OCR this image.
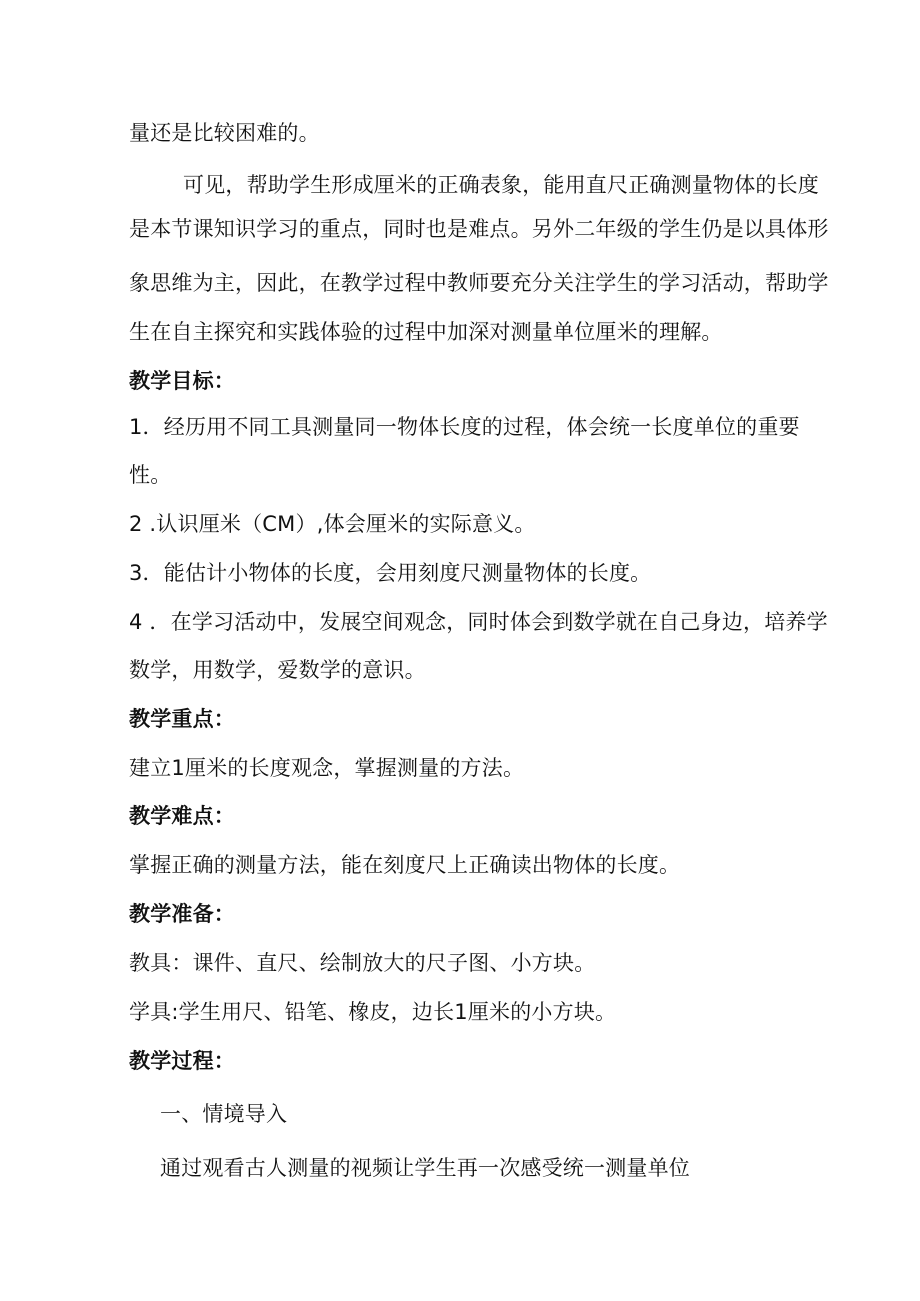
量还是比较困难的。
可见，帮助学生形成厘米的正确表象，能用直尺正确测量物体的长度
是本节课知识学习的重点，同时也是难点。另外二年级的学生仍是以具体形
象思维为主，因此，在教学过程中教师要充分关注学生的学习活动，帮助学
生在自主探究和实践体验的过程中加深对测量单位厘米的理解。
教学目标：
1．经历用不同工具测量同一物体长度的过程，体会统一长度单位的重要
性。
2 .认识厘米（CM）,体会厘米的实际意义。
3．能估计小物体的长度，会用刻度尺测量物体的长度。
4 ．在学习活动中，发展空间观念，同时体会到数学就在自己身边，培养学
数学，用数学，爱数学的意识。
教学重点：
建立1厘米的长度观念，掌握测量的方法。
教学难点：
掌握正确的测量方法，能在刻度尺上正确读出物体的长度。
教学准备：
教具：课件、直尺、绘制放大的尺子图、小方块。
学具:学生用尺、铅笔、橡皮，边长1厘米的小方块。
教学过程：
一、情境导入
通过观看古人测量的视频让学生再一次感受统一测量单位
